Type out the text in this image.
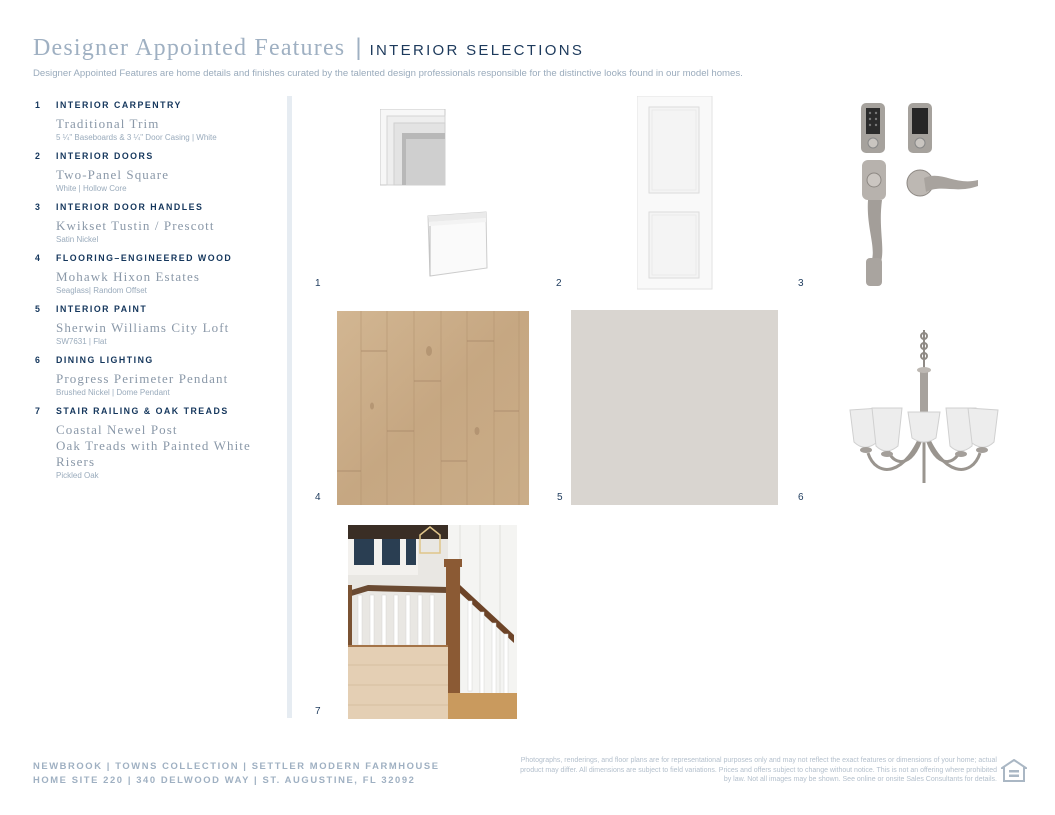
Designer Appointed Features | INTERIOR SELECTIONS
Designer Appointed Features are home details and finishes curated by the talented design professionals responsible for the distinctive looks found in our model homes.
1	INTERIOR CARPENTRY
Traditional Trim
5 ¼" Baseboards & 3 ¼" Door Casing | White
2	INTERIOR DOORS
Two-Panel Square
White | Hollow Core
3	INTERIOR DOOR HANDLES
Kwikset Tustin / Prescott
Satin Nickel
4	FLOORING–ENGINEERED WOOD
Mohawk Hixon Estates
Seaglass| Random Offset
5	INTERIOR PAINT
Sherwin Williams City Loft
SW7631 | Flat
6	DINING LIGHTING
Progress Perimeter Pendant
Brushed Nickel | Dome Pendant
7	STAIR RAILING & OAK TREADS
Coastal Newel Post
Oak Treads with Painted White Risers
Pickled Oak
1	2	3
4	5	6
7
NEWBROOK | TOWNS COLLECTION | SETTLER MODERN FARMHOUSE
HOME SITE 220 | 340 DELWOOD WAY | ST. AUGUSTINE, FL 32092
Photographs, renderings, and floor plans are for representational purposes only and may not reflect the exact features or dimensions of your home; actual product may differ. All dimensions are subject to field variations. Prices and offers subject to change without notice. This is not an offering where prohibited by law. Not all images may be shown. See online or onsite Sales Consultants for details.
